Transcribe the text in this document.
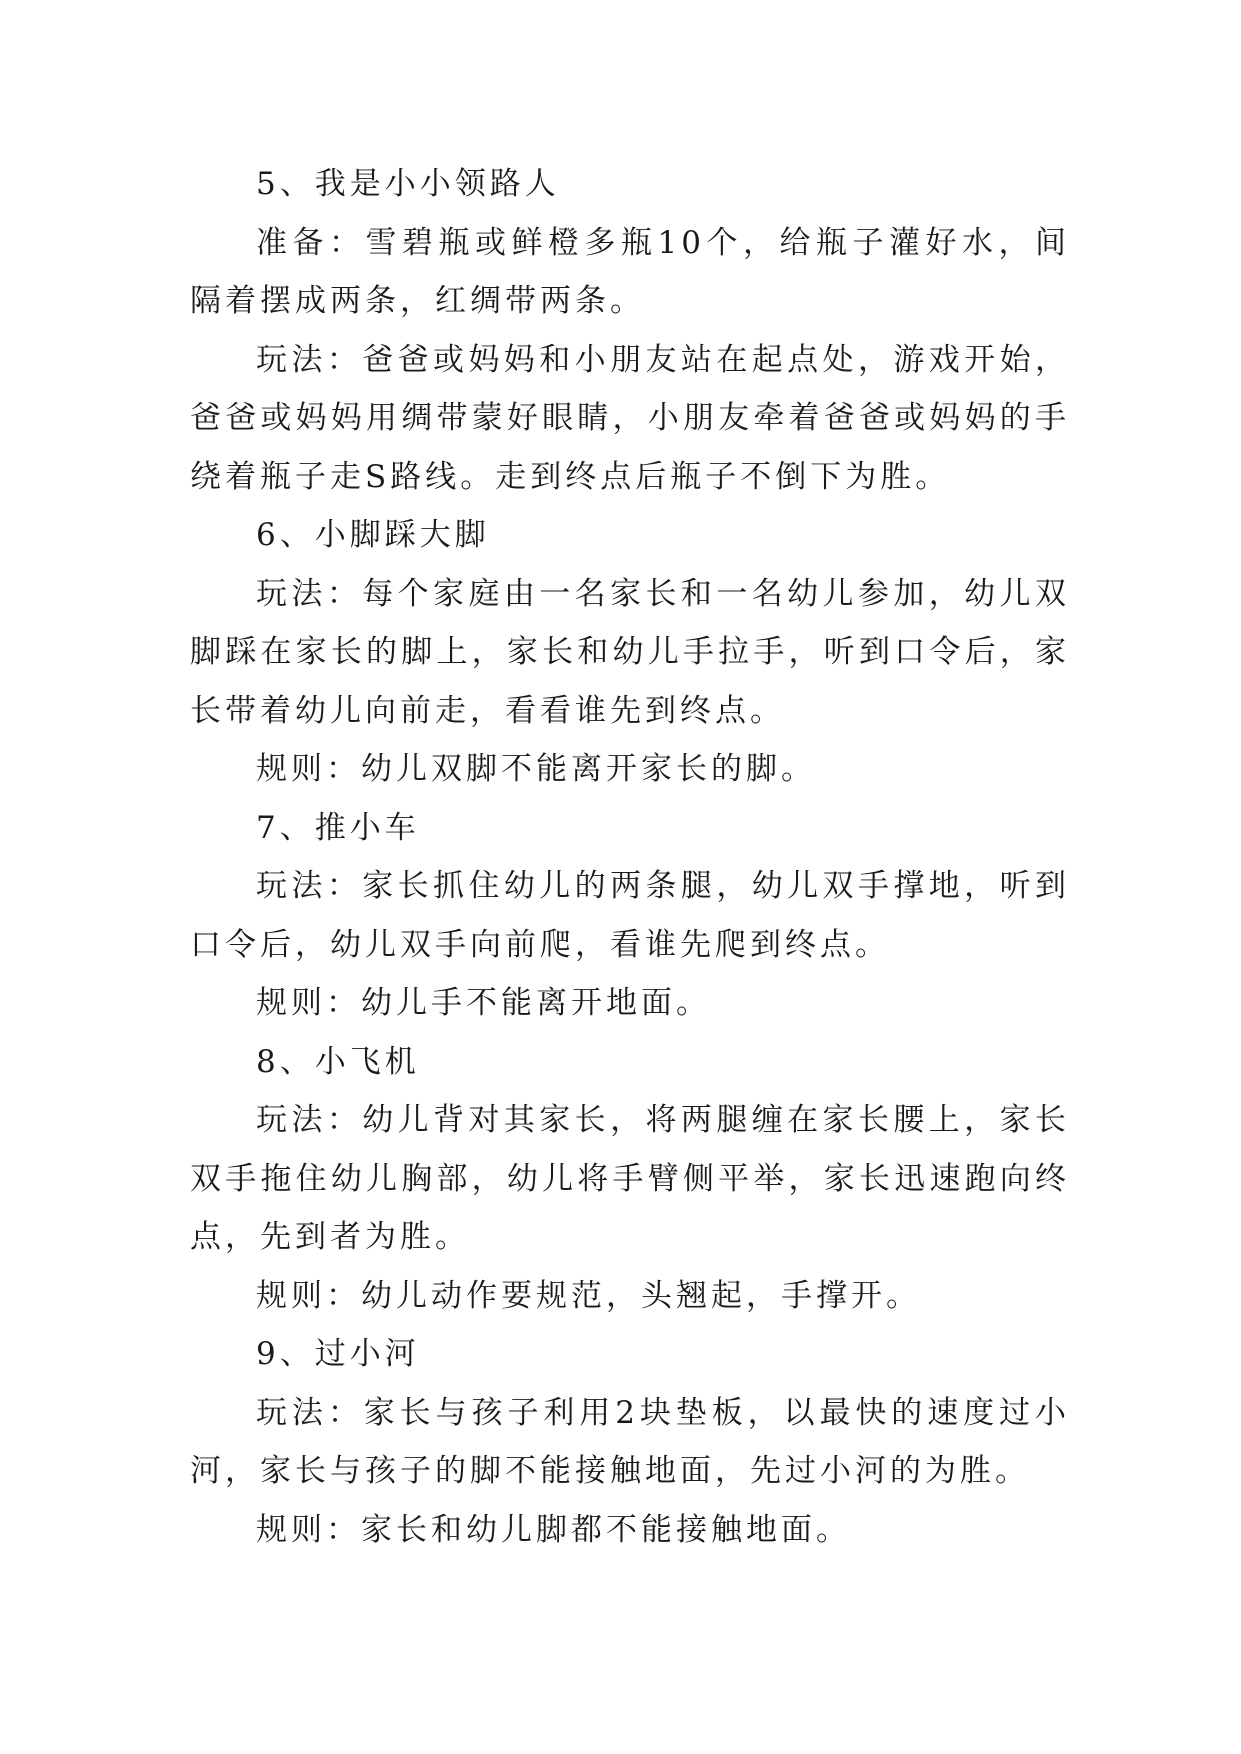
5、我是小小领路人

准备：雪碧瓶或鲜橙多瓶10个，给瓶子灌好水，间隔着摆成两条，红绸带两条。

玩法：爸爸或妈妈和小朋友站在起点处，游戏开始，爸爸或妈妈用绸带蒙好眼睛，小朋友牵着爸爸或妈妈的手绕着瓶子走S路线。走到终点后瓶子不倒下为胜。

6、小脚踩大脚

玩法：每个家庭由一名家长和一名幼儿参加，幼儿双脚踩在家长的脚上，家长和幼儿手拉手，听到口令后，家长带着幼儿向前走，看看谁先到终点。

规则：幼儿双脚不能离开家长的脚。

7、推小车

玩法：家长抓住幼儿的两条腿，幼儿双手撑地，听到口令后，幼儿双手向前爬，看谁先爬到终点。

规则：幼儿手不能离开地面。

8、小飞机

玩法：幼儿背对其家长，将两腿缠在家长腰上，家长双手拖住幼儿胸部，幼儿将手臂侧平举，家长迅速跑向终点，先到者为胜。

规则：幼儿动作要规范，头翘起，手撑开。

9、过小河

玩法：家长与孩子利用2块垫板，以最快的速度过小河，家长与孩子的脚不能接触地面，先过小河的为胜。

规则：家长和幼儿脚都不能接触地面。
